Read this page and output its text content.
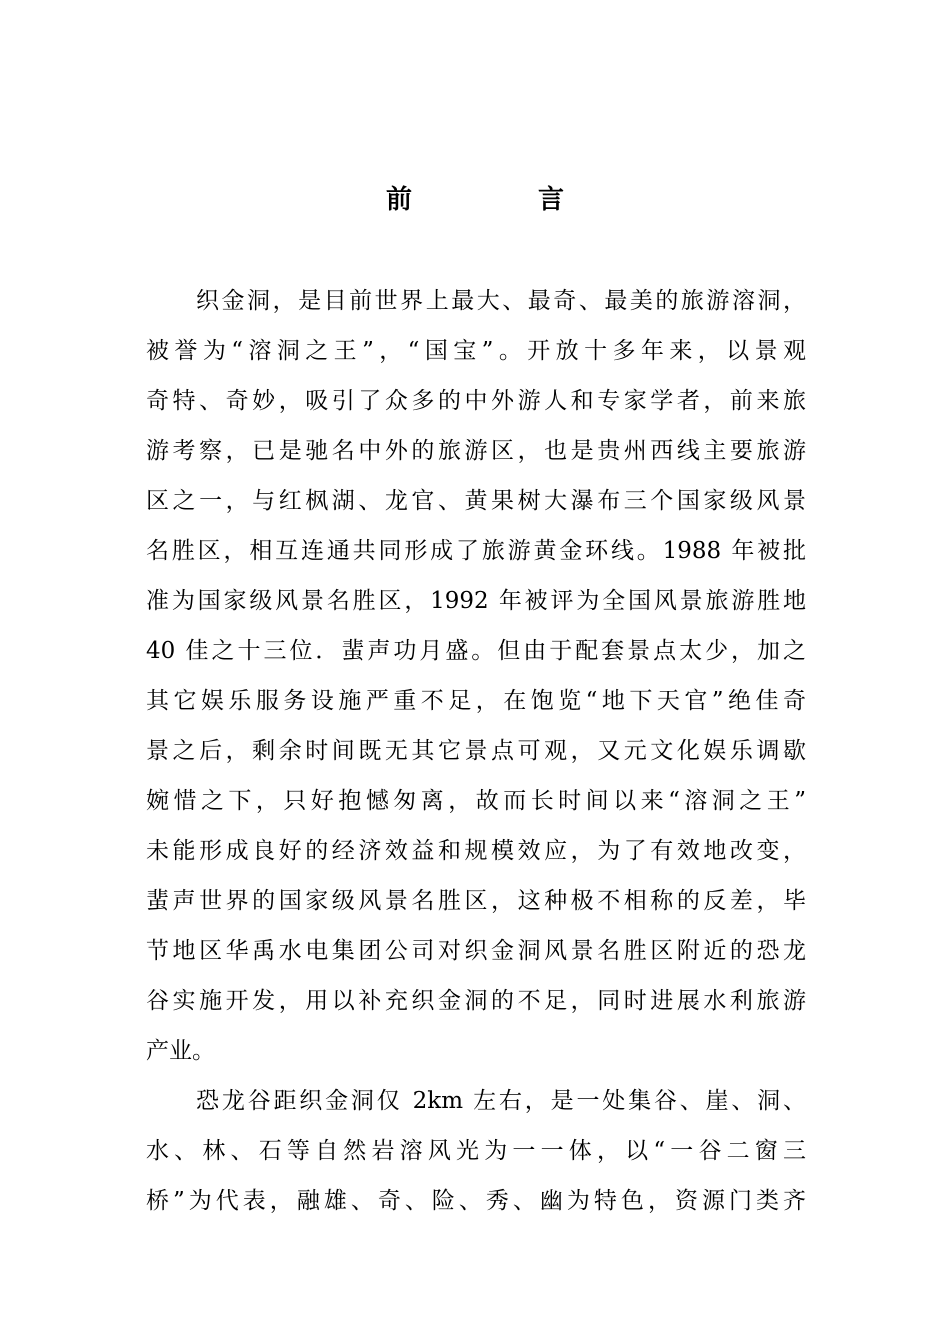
前　言
织金洞，是目前世界上最大、最奇、最美的旅游溶洞，
被誉为“溶洞之王”，“国宝”。开放十多年来，以景观
奇特、奇妙，吸引了众多的中外游人和专家学者，前来旅
游考察，已是驰名中外的旅游区，也是贵州西线主要旅游
区之一，与红枫湖、龙官、黄果树大瀑布三个国家级风景
名胜区，相互连通共同形成了旅游黄金环线。1988 年被批
准为国家级风景名胜区，1992 年被评为全国风景旅游胜地
40 佳之十三位．蜚声功月盛。但由于配套景点太少，加之
其它娱乐服务设施严重不足，在饱览“地下天官”绝佳奇
景之后，剩余时间既无其它景点可观，又元文化娱乐调歇
婉惜之下，只好抱憾匆离，故而长时间以来“溶洞之王”
未能形成良好的经济效益和规模效应，为了有效地改变，
蜚声世界的国家级风景名胜区，这种极不相称的反差，毕
节地区华禹水电集团公司对织金洞风景名胜区附近的恐龙
谷实施开发，用以补充织金洞的不足，同时进展水利旅游
产业。
恐龙谷距织金洞仅 2km 左右，是一处集谷、崖、洞、
水、林、石等自然岩溶风光为一一体，以“一谷二窗三
桥”为代表，融雄、奇、险、秀、幽为特色，资源门类齐
